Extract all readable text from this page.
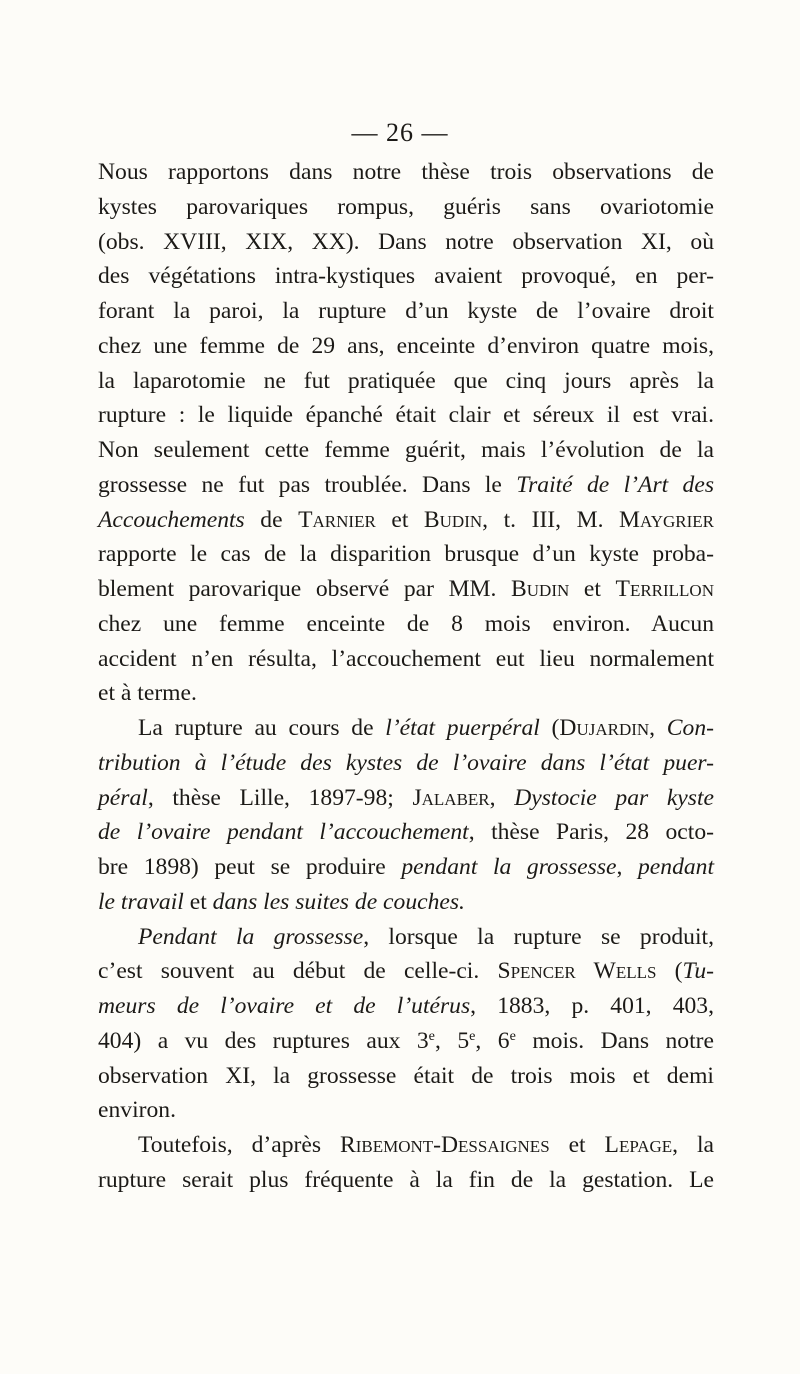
— 26 —
Nous rapportons dans notre thèse trois observations de
kystes parovariques rompus, guéris sans ovariotomie
(obs. XVIII, XIX, XX). Dans notre observation XI, où
des végétations intra-kystiques avaient provoqué, en per-
forant la paroi, la rupture d’un kyste de l’ovaire droit
chez une femme de 29 ans, enceinte d’environ quatre mois,
la laparotomie ne fut pratiquée que cinq jours après la
rupture : le liquide épanché était clair et séreux il est vrai.
Non seulement cette femme guérit, mais l’évolution de la
grossesse ne fut pas troublée. Dans le Traité de l’Art des
Accouchements de Tarnier et Budin, t. III, M. Maygrier
rapporte le cas de la disparition brusque d’un kyste proba-
blement parovarique observé par MM. Budin et Terrillon
chez une femme enceinte de 8 mois environ. Aucun
accident n’en résulta, l’accouchement eut lieu normalement
et à terme.
La rupture au cours de l’état puerpéral (Dujardin, Con-
tribution à l’étude des kystes de l’ovaire dans l’état puer-
péral, thèse Lille, 1897-98; Jalaber, Dystocie par kyste
de l’ovaire pendant l’accouchement, thèse Paris, 28 octo-
bre 1898) peut se produire pendant la grossesse, pendant
le travail et dans les suites de couches.
Pendant la grossesse, lorsque la rupture se produit,
c’est souvent au début de celle-ci. Spencer Wells (Tu-
meurs de l’ovaire et de l’utérus, 1883, p. 401, 403,
404) a vu des ruptures aux 3e, 5e, 6e mois. Dans notre
observation XI, la grossesse était de trois mois et demi
environ.
Toutefois, d’après Ribemont-Dessaignes et Lepage, la
rupture serait plus fréquente à la fin de la gestation. Le
